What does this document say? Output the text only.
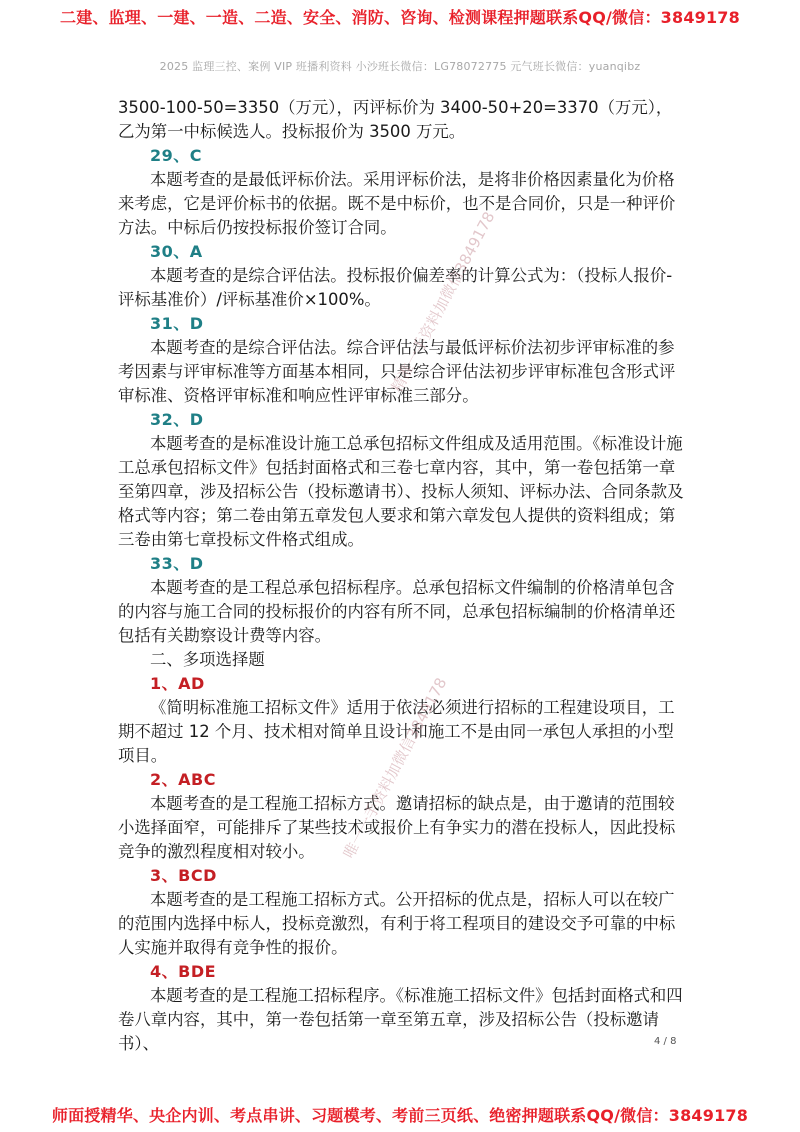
二建、监理、一建、一造、二造、安全、消防、咨询、检测课程押题联系QQ/微信：3849178
2025 监理三控、案例 VIP 班播利资料 小沙班长微信：LG78072775 元气班长微信：yuanqibz
3500-100-50=3350（万元），丙评标价为 3400-50+20=3370（万元），乙为第一中标候选人。投标报价为 3500 万元。
29、C
本题考查的是最低评标价法。采用评标价法，是将非价格因素量化为价格来考虑，它是评价标书的依据。既不是中标价，也不是合同价，只是一种评价方法。中标后仍按投标报价签订合同。
30、A
本题考查的是综合评估法。投标报价偏差率的计算公式为：（投标人报价-评标基准价）/评标基准价×100%。
31、D
本题考查的是综合评估法。综合评估法与最低评标价法初步评审标准的参考因素与评审标准等方面基本相同，只是综合评估法初步评审标准包含形式评审标准、资格评审标准和响应性评审标准三部分。
32、D
本题考查的是标准设计施工总承包招标文件组成及适用范围。《标准设计施工总承包招标文件》包括封面格式和三卷七章内容，其中，第一卷包括第一章至第四章，涉及招标公告（投标邀请书）、投标人须知、评标办法、合同条款及格式等内容；第二卷由第五章发包人要求和第六章发包人提供的资料组成；第三卷由第七章投标文件格式组成。
33、D
本题考查的是工程总承包招标程序。总承包招标文件编制的价格清单包含的内容与施工合同的投标报价的内容有所不同，总承包招标编制的价格清单还包括有关勘察设计费等内容。
二、多项选择题
1、AD
《简明标准施工招标文件》适用于依法必须进行招标的工程建设项目，工期不超过 12 个月、技术相对简单且设计和施工不是由同一承包人承担的小型项目。
2、ABC
本题考查的是工程施工招标方式。邀请招标的缺点是，由于邀请的范围较小选择面窄，可能排斥了某些技术或报价上有争实力的潜在投标人，因此投标竞争的激烈程度相对较小。
3、BCD
本题考查的是工程施工招标方式。公开招标的优点是，招标人可以在较广的范围内选择中标人，投标竞激烈，有利于将工程项目的建设交予可靠的中标人实施并取得有竞争性的报价。
4、BDE
本题考查的是工程施工招标程序。《标准施工招标文件》包括封面格式和四卷八章内容，其中，第一卷包括第一章至第五章，涉及招标公告（投标邀请书）、
精准一手资料加微信3849178
唯一一手资料加微信3849178
4 / 8
师面授精华、央企内训、考点串讲、习题模考、考前三页纸、绝密押题联系QQ/微信：3849178
